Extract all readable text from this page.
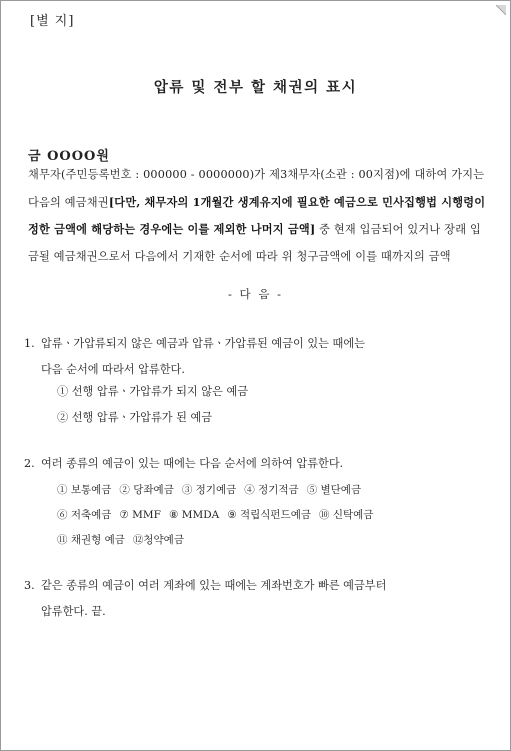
[별 지]
압류 및 전부 할 채권의 표시
금 OOOO원
채무자(주민등록번호 : 000000 - 0000000)가 제3채무자(소관 : 00지점)에 대하여 가지는 다음의 예금채권[다만, 채무자의 1개월간 생계유지에 필요한 예금으로 민사집행법 시행령이 정한 금액에 해당하는 경우에는 이를 제외한 나머지 금액] 중 현재 입금되어 있거나 장래 입금될 예금채권으로서 다음에서 기재한 순서에 따라 위 청구금액에 이를 때까지의 금액
- 다 음 -
1. 압류ㆍ가압류되지 않은 예금과 압류ㆍ가압류된 예금이 있는 때에는
다음 순서에 따라서 압류한다.
① 선행 압류ㆍ가압류가 되지 않은 예금
② 선행 압류ㆍ가압류가 된 예금
2. 여러 종류의 예금이 있는 때에는 다음 순서에 의하여 압류한다.
① 보통예금 ② 당좌예금 ③ 정기예금 ④ 정기적금 ⑤ 별단예금
⑥ 저축예금 ⑦ MMF ⑧ MMDA ⑨ 적립식펀드예금 ⑩ 신탁예금
⑪ 채권형 예금 ⑫청약예금
3. 같은 종류의 예금이 여러 계좌에 있는 때에는 계좌번호가 빠른 예금부터
압류한다. 끝.
